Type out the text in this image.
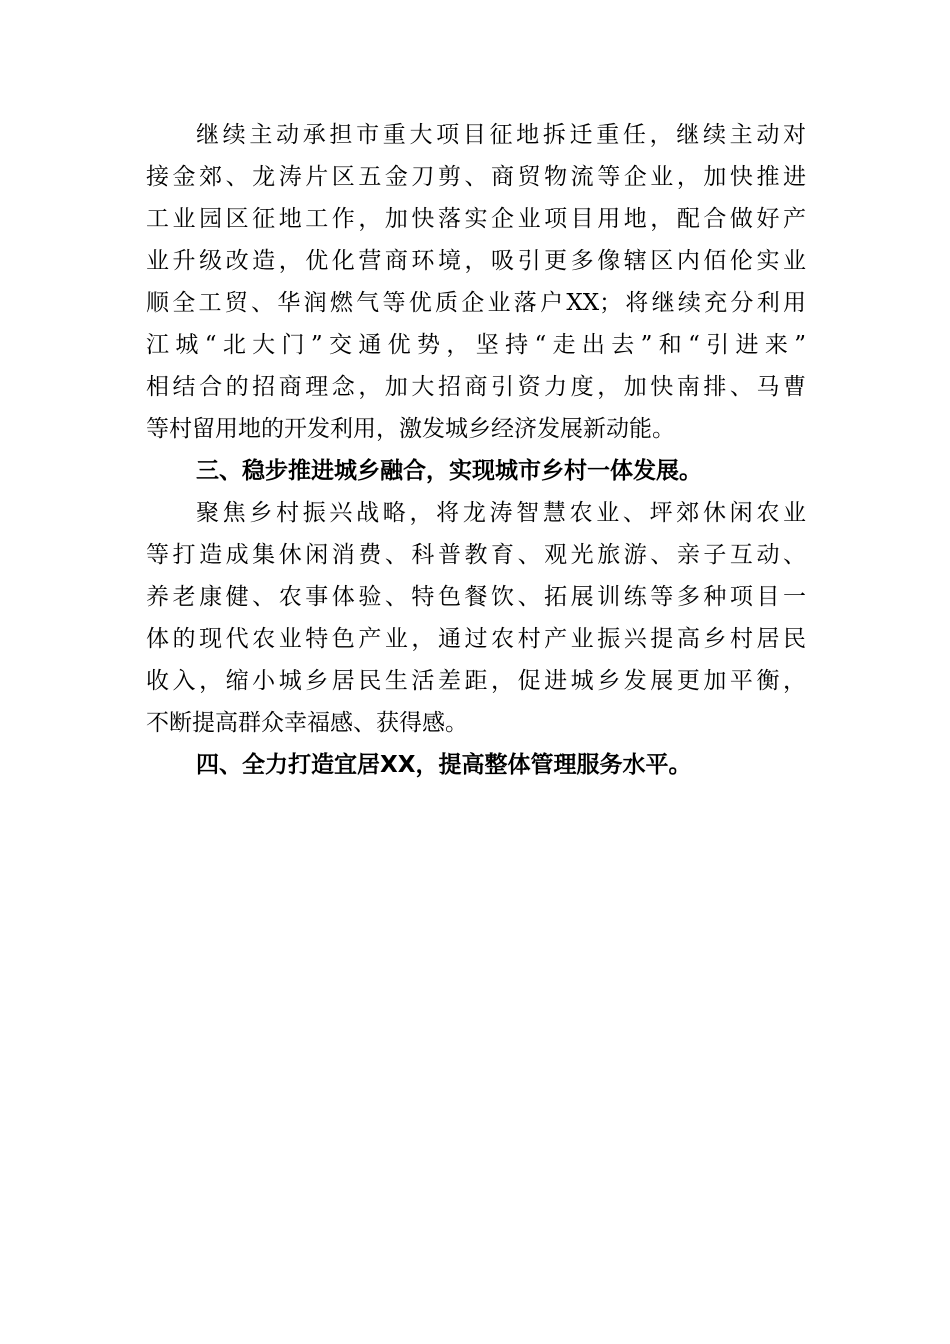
继续主动承担市重大项目征地拆迁重任，继续主动对
接金郊、龙涛片区五金刀剪、商贸物流等企业，加快推进
工业园区征地工作，加快落实企业项目用地，配合做好产
业升级改造，优化营商环境，吸引更多像辖区内佰伦实业
顺全工贸、华润燃气等优质企业落户XX；将继续充分利用
江城“北大门”交通优势，坚持“走出去”和“引进来”
相结合的招商理念，加大招商引资力度，加快南排、马曹
等村留用地的开发利用，激发城乡经济发展新动能。
三、稳步推进城乡融合，实现城市乡村一体发展。
聚焦乡村振兴战略，将龙涛智慧农业、坪郊休闲农业
等打造成集休闲消费、科普教育、观光旅游、亲子互动、
养老康健、农事体验、特色餐饮、拓展训练等多种项目一
体的现代农业特色产业，通过农村产业振兴提高乡村居民
收入，缩小城乡居民生活差距，促进城乡发展更加平衡，
不断提高群众幸福感、获得感。
四、全力打造宜居XX，提高整体管理服务水平。
